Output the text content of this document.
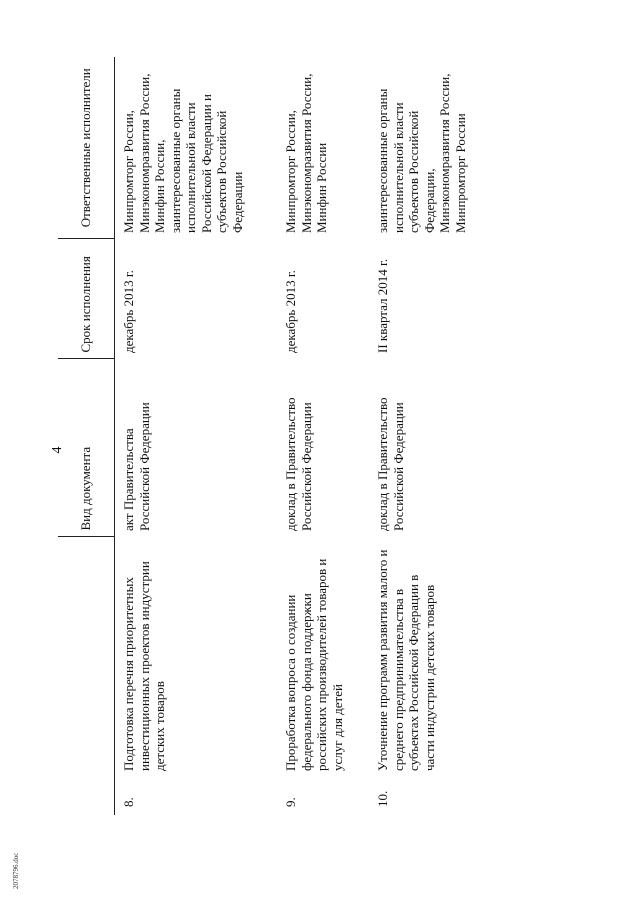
4
2078796.doc
		Вид документа	Срок исполнения	Ответственные исполнители
8.	Подготовка перечня приоритетных инвестиционных проектов индустрии детских товаров	акт Правительства Российской Федерации	декабрь 2013 г.	Минпромторг России, Минэкономразвития России, Минфин России, заинтересованные органы исполнительной власти Российской Федерации и субъектов Российской Федерации
9.	Проработка вопроса о создании федерального фонда поддержки российских производителей товаров и услуг для детей	доклад в Правительство Российской Федерации	декабрь 2013 г.	Минпромторг России, Минэкономразвития России, Минфин России
10.	Уточнение программ развития малого и среднего предпринимательства в субъектах Российской Федерации в части индустрии детских товаров	доклад в Правительство Российской Федерации	II квартал 2014 г.	заинтересованные органы исполнительной власти субъектов Российской Федерации, Минэкономразвития России, Минпромторг России
